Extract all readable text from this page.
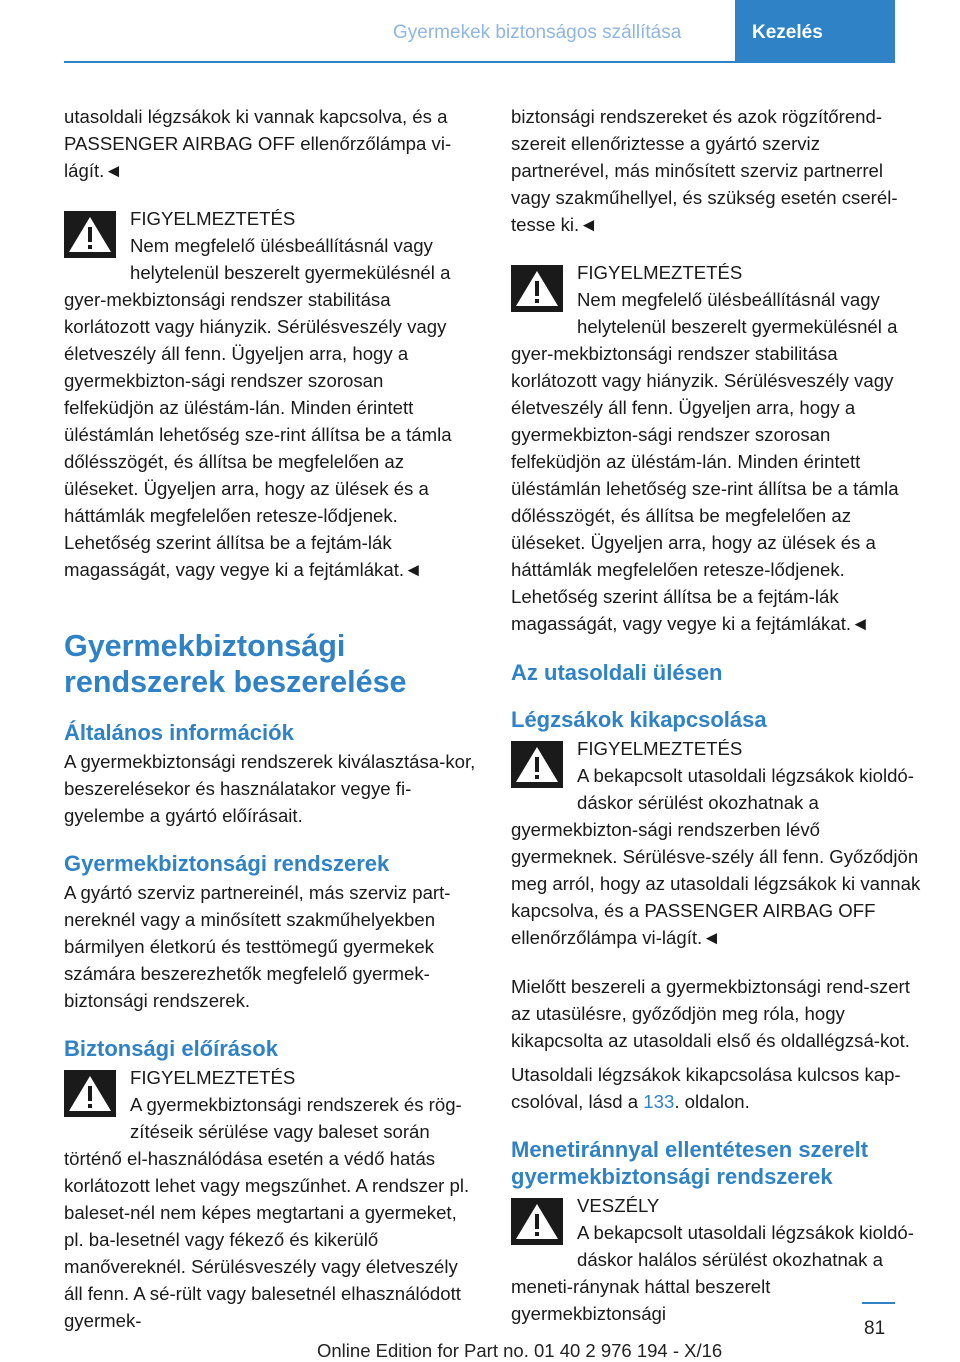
Gyermekek biztonságos szállítása	Kezelés

utasoldali légzsákok ki vannak kapcsolva, és a PASSENGER AIRBAG OFF ellenőrzőlámpa vi-lágít.◄

FIGYELMEZTETÉS
Nem megfelelő ülésbeállításnál vagy helytelenül beszerelt gyermekülésnél a gyer-mekbiztonsági rendszer stabilitása korlátozott vagy hiányzik. Sérülésveszély vagy életveszély áll fenn. Ügyeljen arra, hogy a gyermekbizton-sági rendszer szorosan felfeküdjön az üléstám-lán. Minden érintett üléstámlán lehetőség sze-rint állítsa be a támla dőlésszögét, és állítsa be megfelelően az üléseket. Ügyeljen arra, hogy az ülések és a háttámlák megfelelően retesze-lődjenek. Lehetőség szerint állítsa be a fejtám-lák magasságát, vagy vegye ki a fejtámlákat.◄
Gyermekbiztonsági rendszerek beszerelése
Általános információk

A gyermekbiztonsági rendszerek kiválasztása-kor, beszerelésekor és használatakor vegye fi-gyelembe a gyártó előírásait.

Gyermekbiztonsági rendszerek

A gyártó szerviz partnereinél, más szerviz part-nereknél vagy a minősített szakműhelyekben bármilyen életkorú és testtömegű gyermekek számára beszerezhetők megfelelő gyermek-biztonsági rendszerek.

Biztonsági előírások
FIGYELMEZTETÉS
A gyermekbiztonsági rendszerek és rög-zítéseik sérülése vagy baleset során történő el-használódása esetén a védő hatás korlátozott lehet vagy megszűnhet. A rendszer pl. baleset-nél nem képes megtartani a gyermeket, pl. ba-lesetnél vagy fékező és kikerülő manővereknél. Sérülésveszély vagy életveszély áll fenn. A sé-rült vagy balesetnél elhasználódott gyermek-

biztonsági rendszereket és azok rögzítőrend-szereit ellenőriztesse a gyártó szerviz partnerével, más minősített szerviz partnerrel vagy szakműhellyel, és szükség esetén cserél-tesse ki.◄

FIGYELMEZTETÉS
Nem megfelelő ülésbeállításnál vagy helytelenül beszerelt gyermekülésnél a gyer-mekbiztonsági rendszer stabilitása korlátozott vagy hiányzik. Sérülésveszély vagy életveszély áll fenn. Ügyeljen arra, hogy a gyermekbizton-sági rendszer szorosan felfeküdjön az üléstám-lán. Minden érintett üléstámlán lehetőség sze-rint állítsa be a támla dőlésszögét, és állítsa be megfelelően az üléseket. Ügyeljen arra, hogy az ülések és a háttámlák megfelelően retesze-lődjenek. Lehetőség szerint állítsa be a fejtám-lák magasságát, vagy vegye ki a fejtámlákat.◄
Az utasoldali ülésen
Légzsákok kikapcsolása
FIGYELMEZTETÉS
A bekapcsolt utasoldali légzsákok kioldó-dáskor sérülést okozhatnak a gyermekbizton-sági rendszerben lévő gyermeknek. Sérülésve-szély áll fenn. Győződjön meg arról, hogy az utasoldali légzsákok ki vannak kapcsolva, és a PASSENGER AIRBAG OFF ellenőrzőlámpa vi-lágít.◄

Mielőtt beszereli a gyermekbiztonsági rend-szert az utasülésre, győződjön meg róla, hogy kikapcsolta az utasoldali első és oldallégzsá-kot.

Utasoldali légzsákok kikapcsolása kulcsos kap-csolóval, lásd a 133. oldalon.

Menetiránnyal ellentétesen szerelt gyermekbiztonsági rendszerek
VESZÉLY
A bekapcsolt utasoldali légzsákok kioldó-dáskor halálos sérülést okozhatnak a meneti-ránynak háttal beszerelt gyermekbiztonsági
81
Online Edition for Part no. 01 40 2 976 194 - X/16
